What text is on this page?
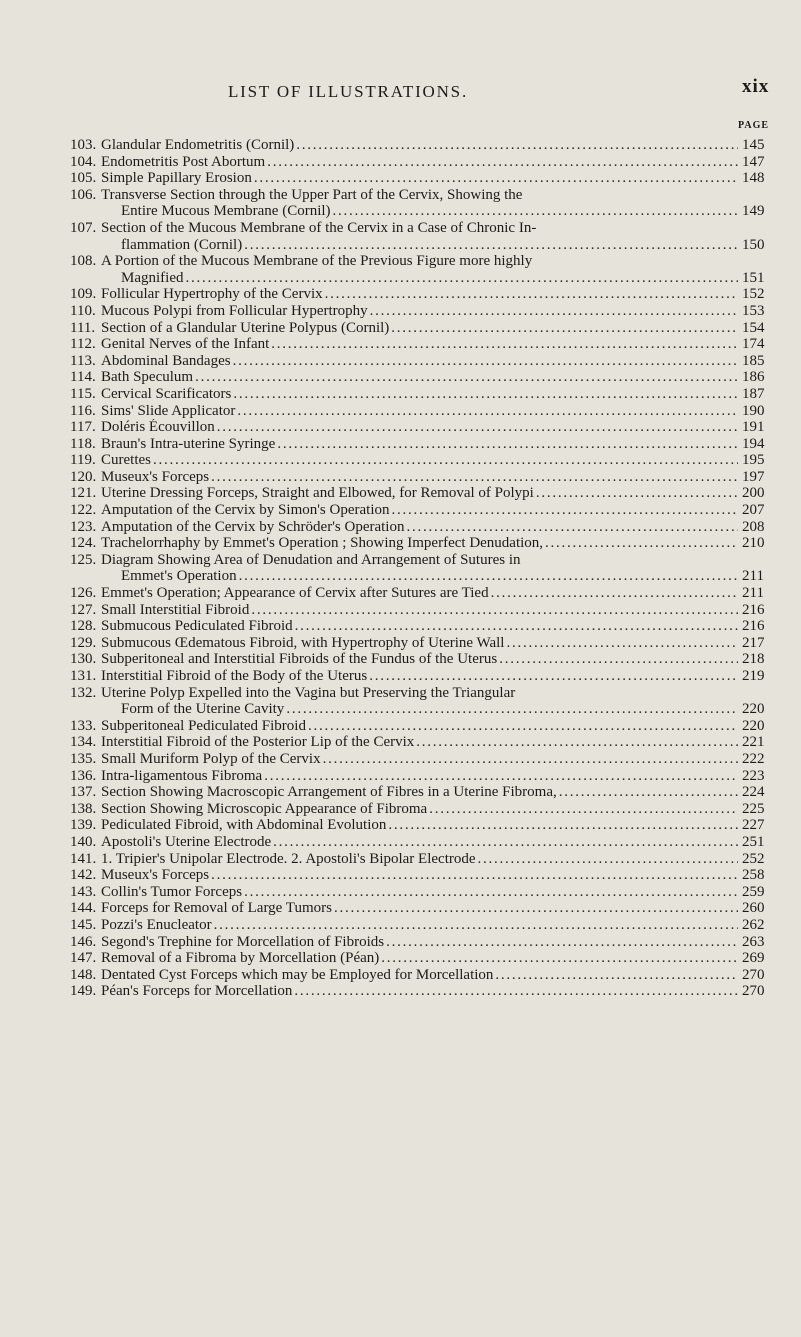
LIST OF ILLUSTRATIONS.	xix
PAGE
103. Glandular Endometritis (Cornil) . . .	145
104. Endometritis Post Abortum . . .	147
105. Simple Papillary Erosion . . .	148
106. Transverse Section through the Upper Part of the Cervix, Showing the
Entire Mucous Membrane (Cornil) . . .	149
107. Section of the Mucous Membrane of the Cervix in a Case of Chronic In-
flammation (Cornil) . . .	150
108. A Portion of the Mucous Membrane of the Previous Figure more highly
Magnified . . .	151
109. Follicular Hypertrophy of the Cervix . . .	152
110. Mucous Polypi from Follicular Hypertrophy . . .	153
111. Section of a Glandular Uterine Polypus (Cornil) . . .	154
112. Genital Nerves of the Infant . . .	174
113. Abdominal Bandages . . .	185
114. Bath Speculum . . .	186
115. Cervical Scarificators . . .	187
116. Sims' Slide Applicator . . .	190
117. Doléris Écouvillon . . .	191
118. Braun's Intra-uterine Syringe . . .	194
119. Curettes . . .	195
120. Museux's Forceps . . .	197
121. Uterine Dressing Forceps, Straight and Elbowed, for Removal of Polypi . . .	200
122. Amputation of the Cervix by Simon's Operation . . .	207
123. Amputation of the Cervix by Schröder's Operation . . .	208
124. Trachelorrhaphy by Emmet's Operation ; Showing Imperfect Denudation, . . .	210
125. Diagram Showing Area of Denudation and Arrangement of Sutures in
Emmet's Operation . . .	211
126. Emmet's Operation; Appearance of Cervix after Sutures are Tied . . .	211
127. Small Interstitial Fibroid . . .	216
128. Submucous Pediculated Fibroid . . .	216
129. Submucous Œdematous Fibroid, with Hypertrophy of Uterine Wall . . .	217
130. Subperitoneal and Interstitial Fibroids of the Fundus of the Uterus . . .	218
131. Interstitial Fibroid of the Body of the Uterus . . .	219
132. Uterine Polyp Expelled into the Vagina but Preserving the Triangular
Form of the Uterine Cavity . . .	220
133. Subperitoneal Pediculated Fibroid . . .	220
134. Interstitial Fibroid of the Posterior Lip of the Cervix . . .	221
135. Small Muriform Polyp of the Cervix . . .	222
136. Intra-ligamentous Fibroma . . .	223
137. Section Showing Macroscopic Arrangement of Fibres in a Uterine Fibroma, . . .	224
138. Section Showing Microscopic Appearance of Fibroma . . .	225
139. Pediculated Fibroid, with Abdominal Evolution . . .	227
140. Apostoli's Uterine Electrode . . .	251
141. 1. Tripier's Unipolar Electrode. 2. Apostoli's Bipolar Electrode . . .	252
142. Museux's Forceps . . .	258
143. Collin's Tumor Forceps . . .	259
144. Forceps for Removal of Large Tumors . . .	260
145. Pozzi's Enucleator . . .	262
146. Segond's Trephine for Morcellation of Fibroids . . .	263
147. Removal of a Fibroma by Morcellation (Péan) . . .	269
148. Dentated Cyst Forceps which may be Employed for Morcellation . . .	270
149. Péan's Forceps for Morcellation . . .	270
